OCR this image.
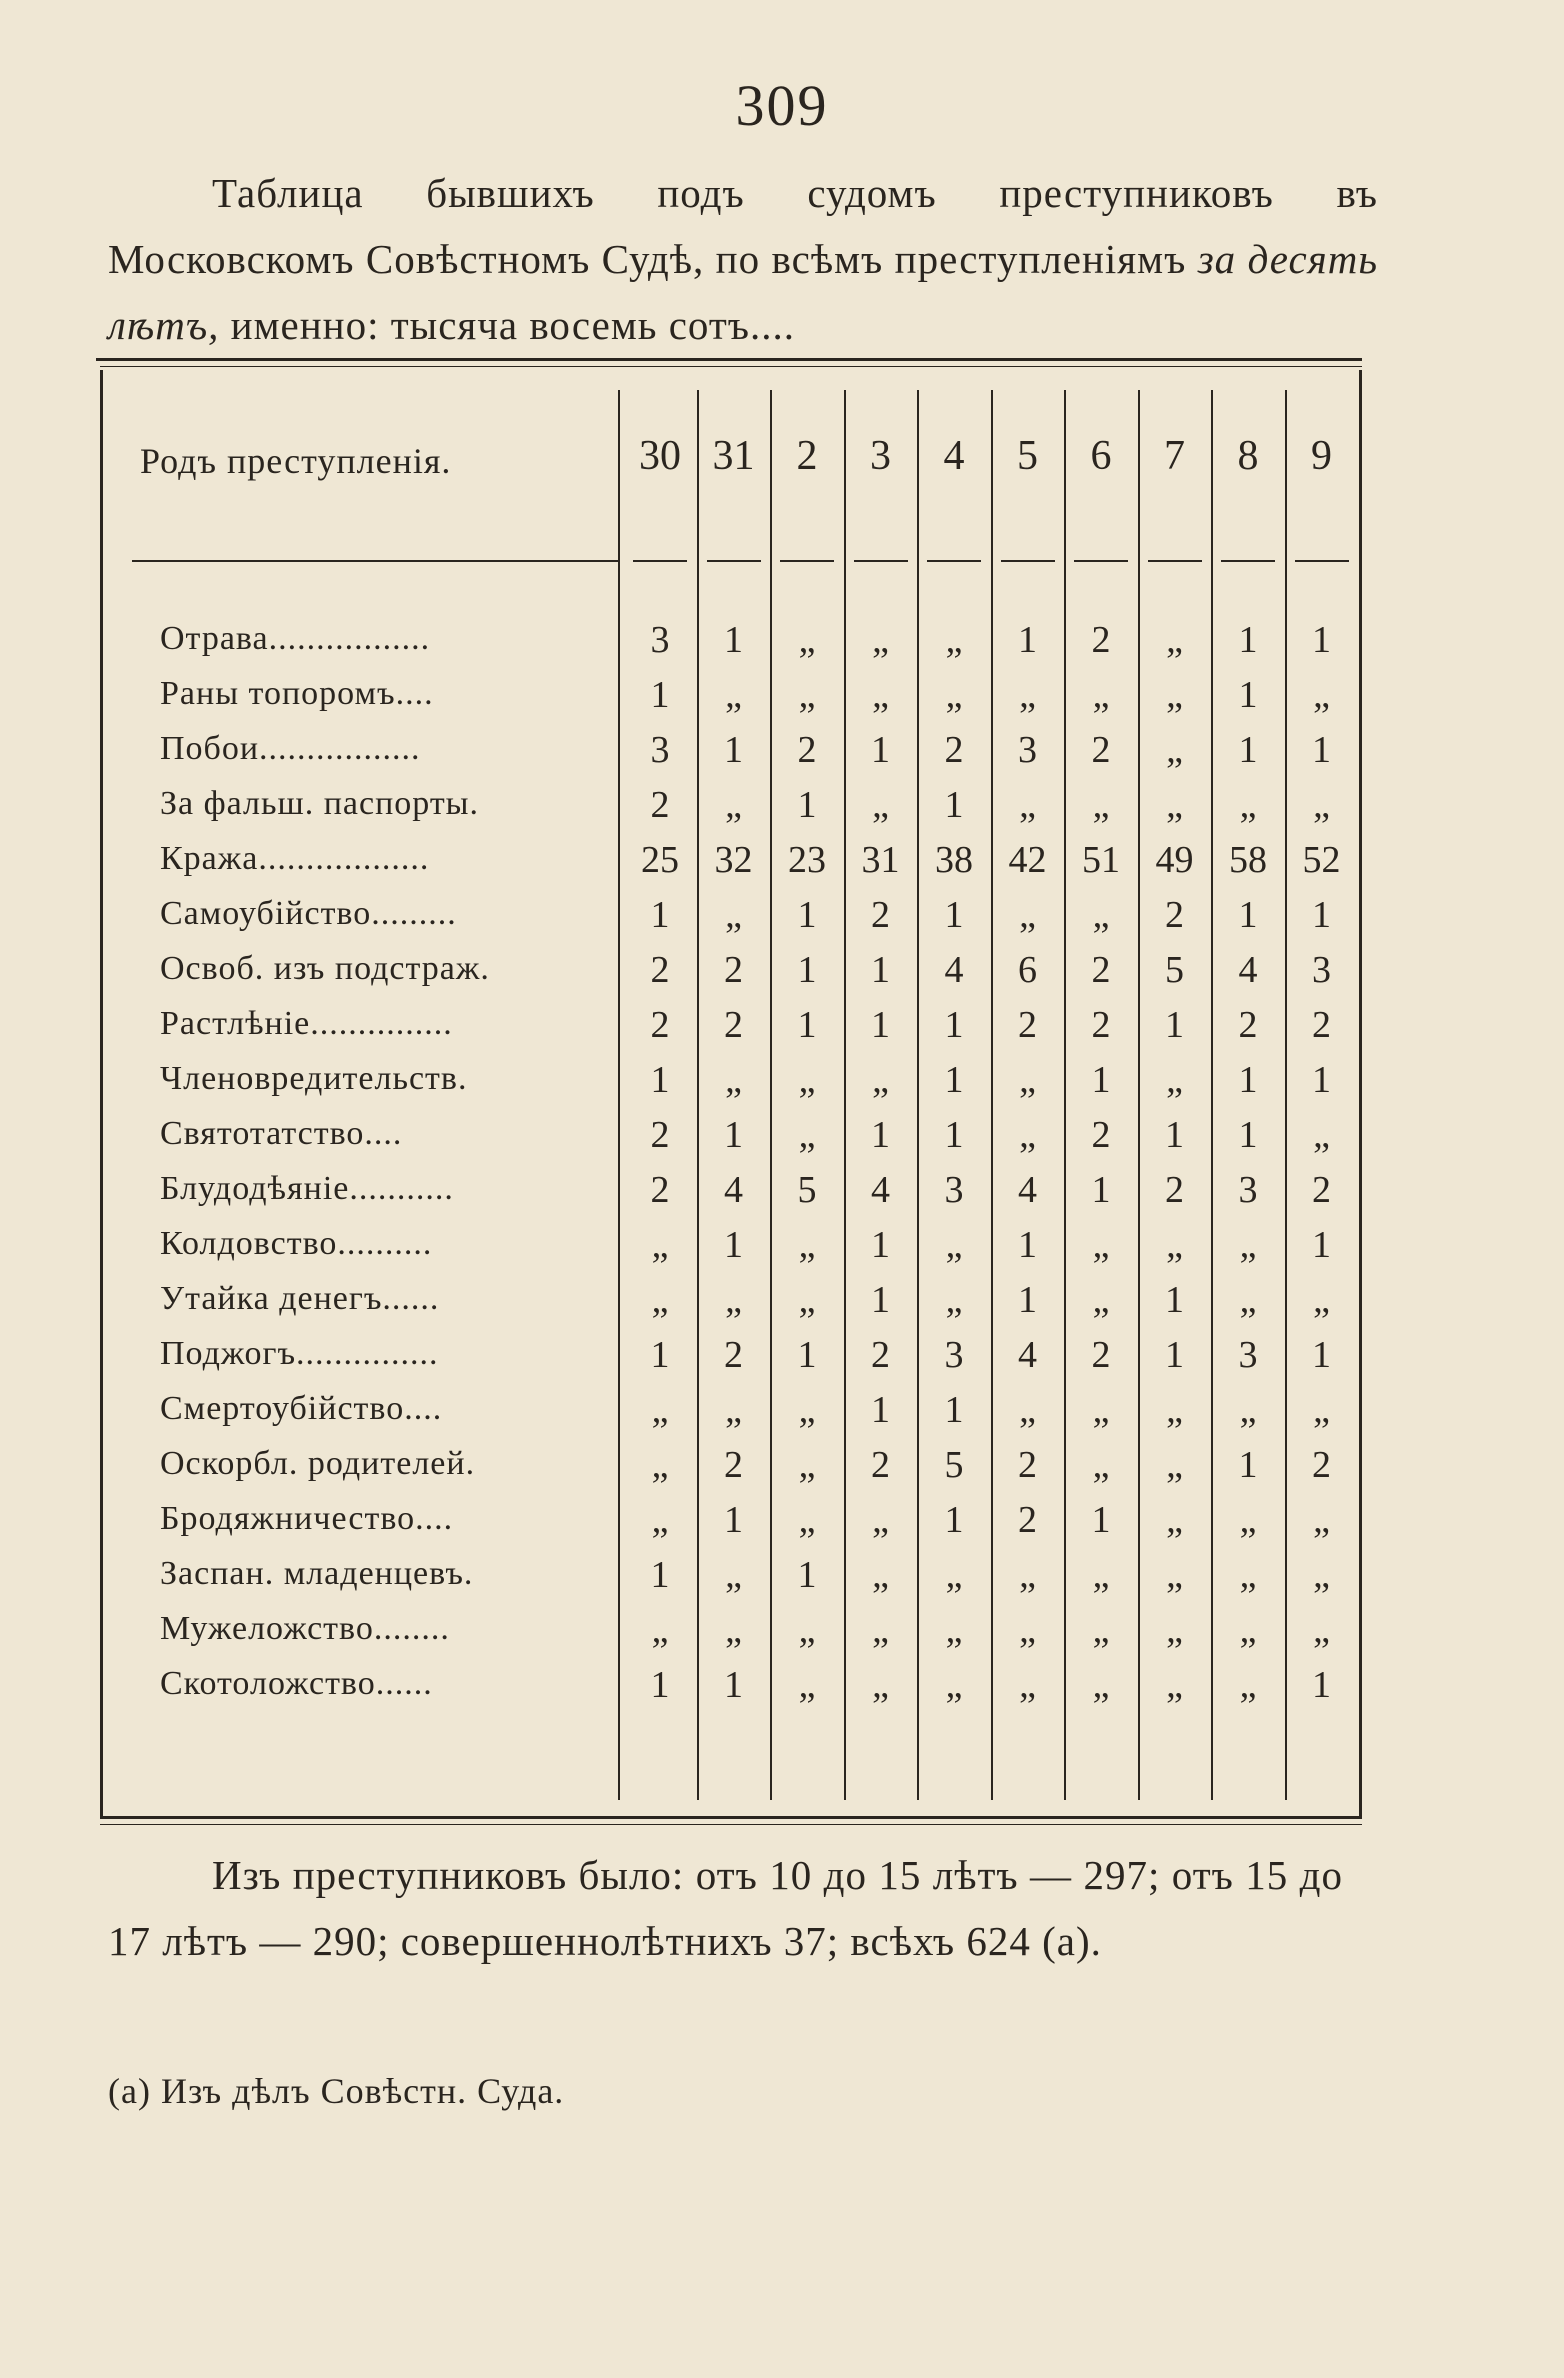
309
Таблица бывшихъ подъ судомъ преступниковъ въ Московскомъ Совѣстномъ Судѣ, по всѣмъ преступленiямъ за десять лѣтъ, именно: тысяча восемь сотъ....
Родъ преступленiя.	30 31	2	3	4	5	6	7	8	9
Отрава.................	3	1	„	„	„	1	2	„	1	1
Раны топоромъ....	1	„	„	„	„	„	„	„	1	„
Побои.................	3	1	2	1	2	3	2	„	1	1
За фальш. паспорты.	2	„	1	„	1	„	„	„	„	„
Кража..................	25 32 23 31 38 42 51 49 58 52
Самоубiйство.........	1	„	1	2	1	„	„	2	1	1
Освоб. изъ подстраж.	2	2	1	1	4	6	2	5	4	3
Растлѣнiе...............	2	2	1	1	1	2	2	1	2	2
Членовредительств.	1	„	„	„	1	„	1	„	1	1
Святотатство....	2	1	„	1	1	„	2	1	1	„
Блудодѣянiе...........	2	4	5	4	3	4	1	2	3	2
Колдовство..........	„	1	„	1	„	1	„	„	„	1
Утайка денегъ......	„	„	„	1	„	1	„	1	„	„
Поджогъ...............	1	2	1	2	3	4	2	1	3	1
Смертоубiйство....	„	„	„	1	1	„	„	„	„	„
Оскорбл. родителей.	„	2	„	2	5	2	„	„	1	2
Бродяжничество....	„	1	„	„	1	2	1	„	„	„
Заспан. младенцевъ.	1	„	1	„	„	„	„	„	„	„
Мужеложство........	„	„	„	„	„	„	„	„	„	„
Скотоложство......	1	1	„	„	„	„	„	„	„	1
Изъ преступниковъ было: отъ 10 до 15 лѣтъ — 297; отъ 15 до 17 лѣтъ — 290; совершеннолѣтнихъ 37; всѣхъ 624 (а).
(а) Изъ дѣлъ Совѣстн. Суда.
